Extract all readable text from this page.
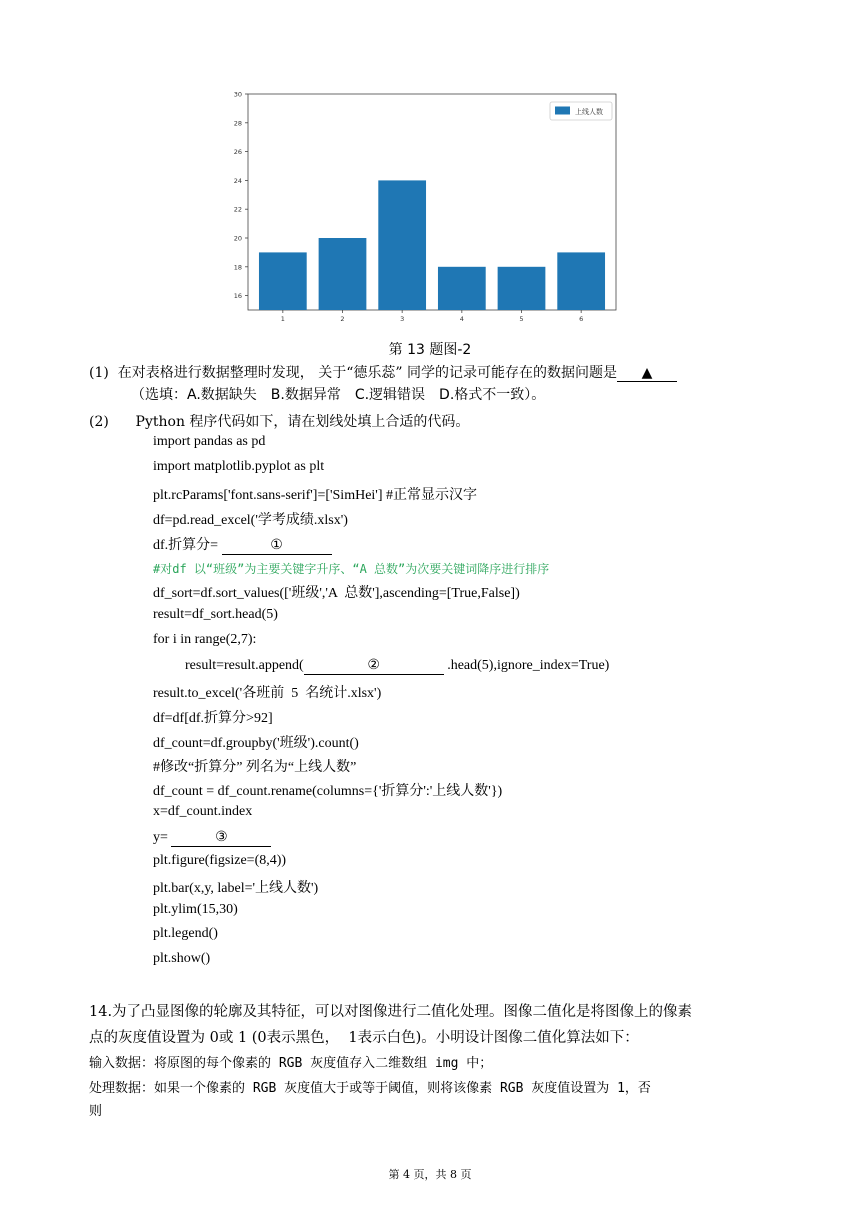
16
18
20
22
24
26
28
30
1	2	3	4	5	6
上线人数
第 13 题图-2
(1) 在对表格进行数据整理时发现， 关于“德乐蕊” 同学的记录可能存在的数据问题是 ▲
（选填：A.数据缺失　B.数据异常　C.逻辑错误　D.格式不一致）。
(2) Python 程序代码如下，请在划线处填上合适的代码。
import pandas as pd
import matplotlib.pyplot as plt
plt.rcParams['font.sans-serif']=['SimHei'] #正常显示汉字
df=pd.read_excel('学考成绩.xlsx')
df.折算分=	①
#对df 以“班级”为主要关键字升序、“A 总数”为次要关键词降序进行排序
df_sort=df.sort_values(['班级','A  总数'],ascending=[True,False])
result=df_sort.head(5)
for i in range(2,7):
result=result.append(	②	.head(5),ignore_index=True)
result.to_excel('各班前  5  名统计.xlsx')
df=df[df.折算分>92]
df_count=df.groupby('班级').count()
#修改“折算分” 列名为“上线人数”
df_count = df_count.rename(columns={'折算分':'上线人数'})
x=df_count.index
y=	③
plt.figure(figsize=(8,4))
plt.bar(x,y, label='上线人数')
plt.ylim(15,30)
plt.legend()
plt.show()
14.为了凸显图像的轮廓及其特征，可以对图像进行二值化处理。图像二值化是将图像上的像素
点的灰度值设置为 0或 1 (0表示黑色，  1表示白色)。小明设计图像二值化算法如下：
输入数据：将原图的每个像素的 RGB 灰度值存入二维数组 img 中；
处理数据：如果一个像素的 RGB 灰度值大于或等于阈值，则将该像素 RGB 灰度值设置为 1，否
则
第 4 页，共 8 页
